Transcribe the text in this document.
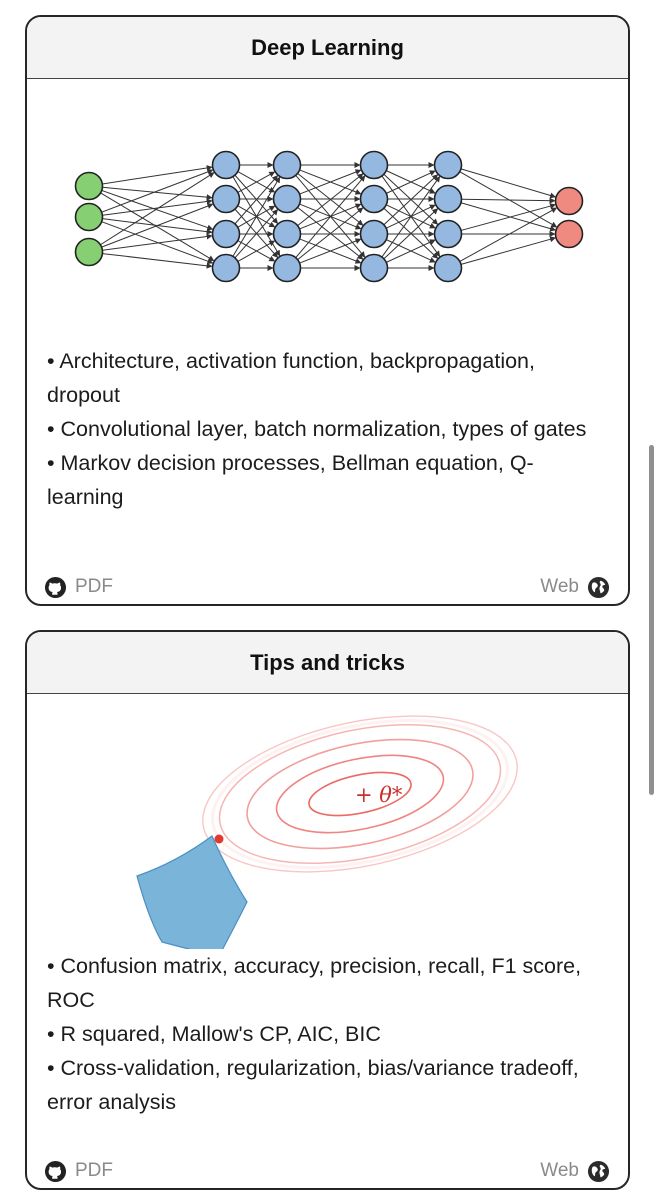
Deep Learning
• Architecture, activation function, backpropagation, dropout
• Convolutional layer, batch normalization, types of gates
• Markov decision processes, Bellman equation, Q-learning
PDF	Web
Tips and tricks
+ θ*
• Confusion matrix, accuracy, precision, recall, F1 score, ROC
• R squared, Mallow's CP, AIC, BIC
• Cross-validation, regularization, bias/variance tradeoff, error analysis
PDF	Web
